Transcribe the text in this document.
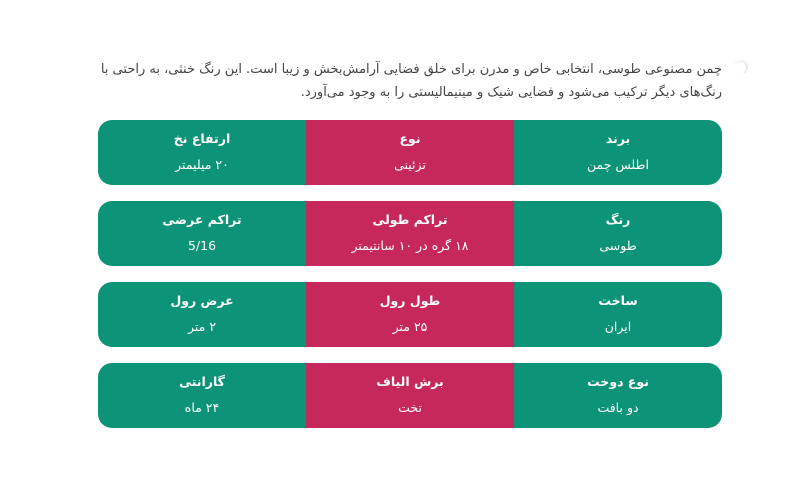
چمن مصنوعی طوسی، انتخابی خاص و مدرن برای خلق فضایی آرامش‌بخش و زیبا است. این رنگ خنثی، به راحتی با رنگ‌های دیگر ترکیب می‌شود و فضایی شیک و مینیمالیستی را به وجود می‌آورد.

برند
اطلس چمن
نوع
تزئینی
ارتفاع نخ
۲۰ میلیمتر
رنگ
طوسی
تراکم طولی
۱۸ گره در ۱۰ سانتیمتر
تراکم عرضی
5/16
ساخت
ایران
طول رول
۲۵ متر
عرض رول
۲ متر
نوع دوخت
دو بافت
برش الیاف
تخت
گارانتی
۲۴ ماه
